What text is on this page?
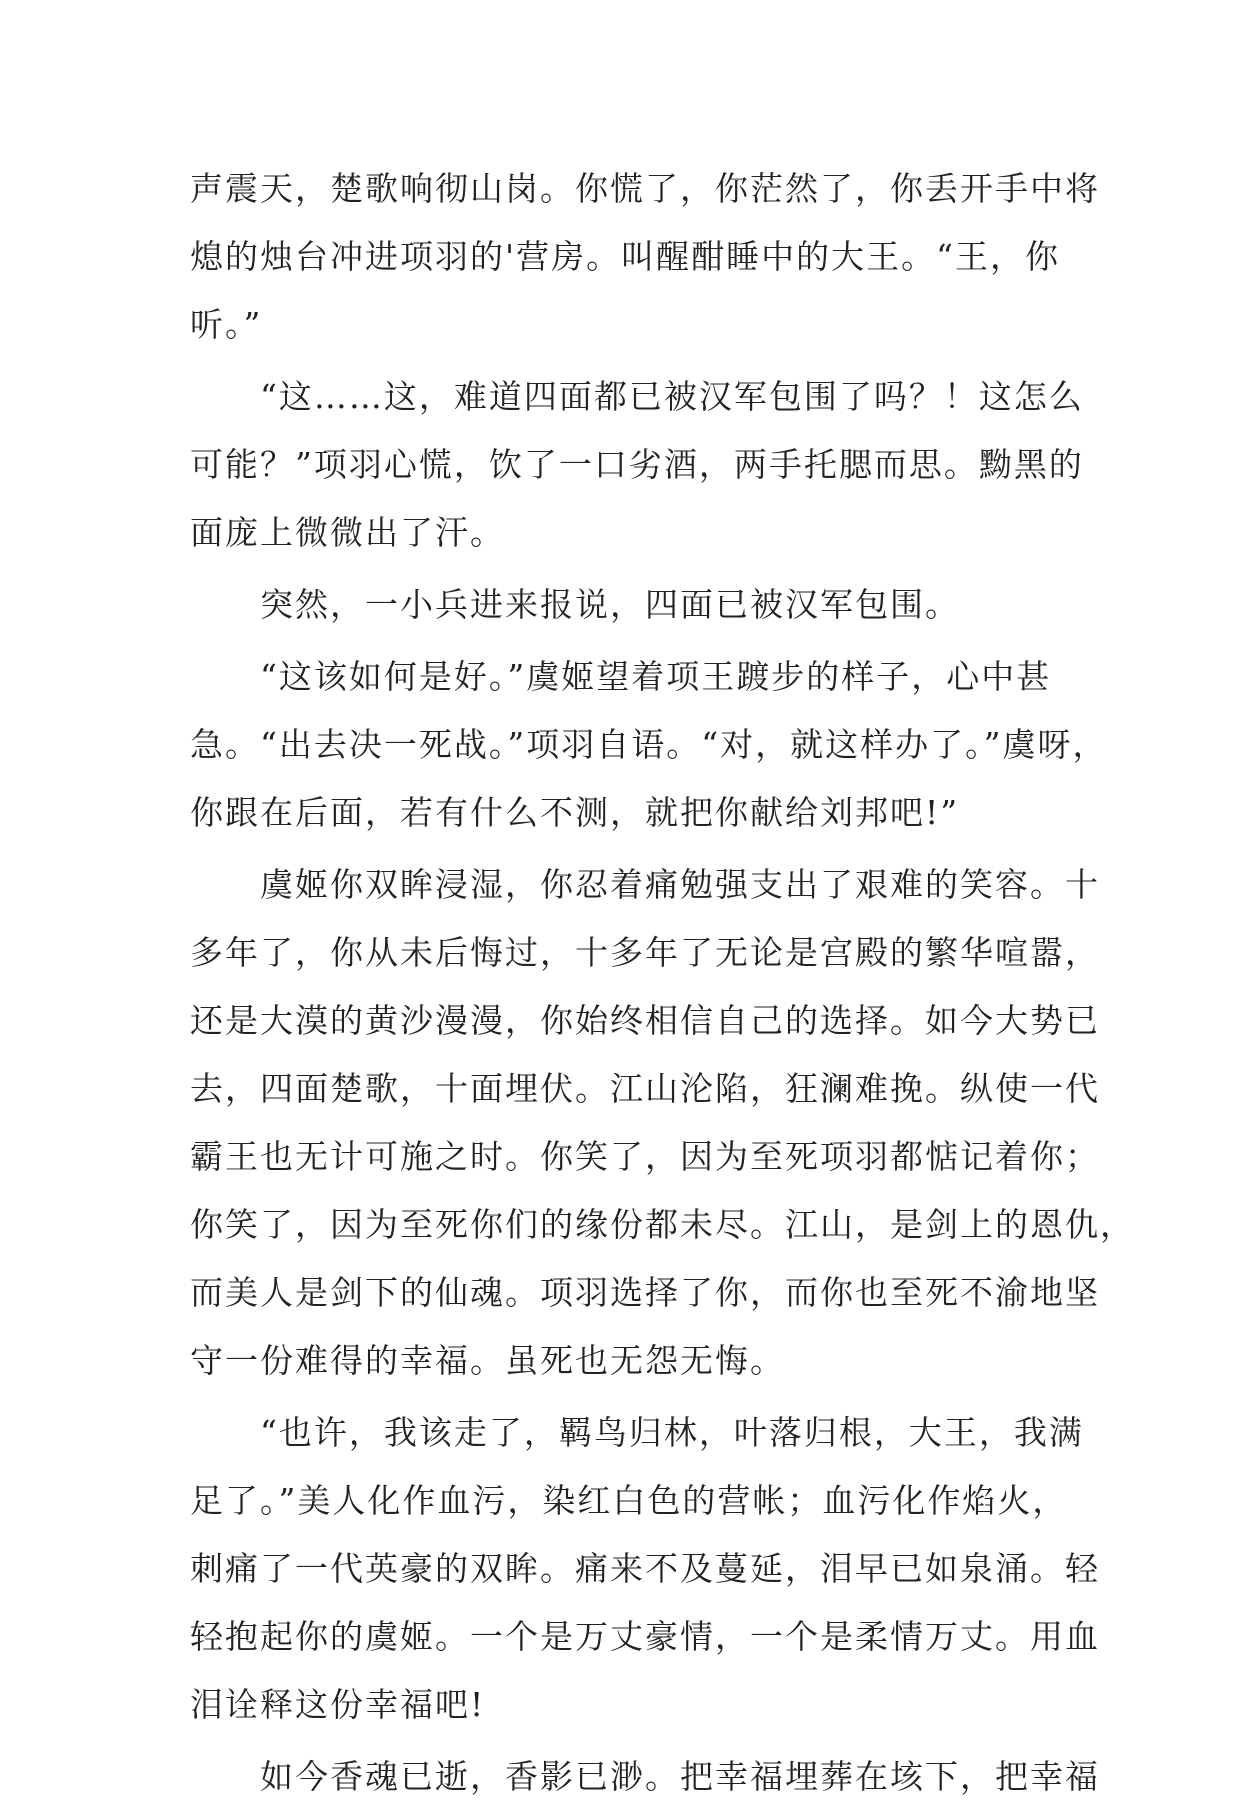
声震天，楚歌响彻山岗。你慌了，你茫然了，你丢开手中将
熄的烛台冲进项羽的'营房。叫醒酣睡中的大王。“王，你
听。”
　　“这……这，难道四面都已被汉军包围了吗？！这怎么
可能？”项羽心慌，饮了一口劣酒，两手托腮而思。黝黑的
面庞上微微出了汗。
　　突然，一小兵进来报说，四面已被汉军包围。
　　“这该如何是好。”虞姬望着项王踱步的样子，心中甚
急。“出去决一死战。”项羽自语。“对，就这样办了。”虞呀，
你跟在后面，若有什么不测，就把你献给刘邦吧!”
　　虞姬你双眸浸湿，你忍着痛勉强支出了艰难的笑容。十
多年了，你从未后悔过，十多年了无论是宫殿的繁华喧嚣，
还是大漠的黄沙漫漫，你始终相信自己的选择。如今大势已
去，四面楚歌，十面埋伏。江山沦陷，狂澜难挽。纵使一代
霸王也无计可施之时。你笑了，因为至死项羽都惦记着你；
你笑了，因为至死你们的缘份都未尽。江山，是剑上的恩仇，
而美人是剑下的仙魂。项羽选择了你，而你也至死不渝地坚
守一份难得的幸福。虽死也无怨无悔。
　　“也许，我该走了，羁鸟归林，叶落归根，大王，我满
足了。”美人化作血污，染红白色的营帐；血污化作焰火，
刺痛了一代英豪的双眸。痛来不及蔓延，泪早已如泉涌。轻
轻抱起你的虞姬。一个是万丈豪情，一个是柔情万丈。用血
泪诠释这份幸福吧!
　　如今香魂已逝，香影已渺。把幸福埋葬在垓下，把幸福
